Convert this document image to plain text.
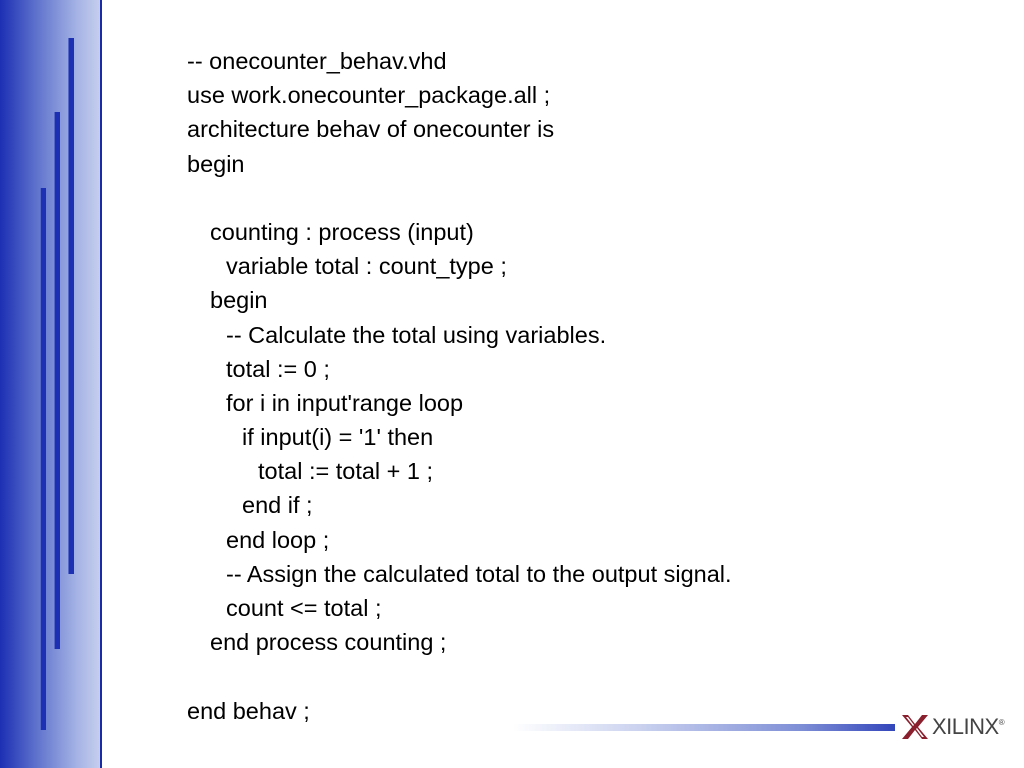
-- onecounter_behav.vhd
use work.onecounter_package.all ;
architecture behav of onecounter is
begin
counting : process (input)
variable total : count_type ;
begin
-- Calculate the total using variables.
total := 0 ;
for i in input'range loop
if input(i) = '1' then
total := total + 1 ;
end if ;
end loop ;
-- Assign the calculated total to the output signal.
count <= total ;
end process counting ;
end behav ;
XILINX ®
